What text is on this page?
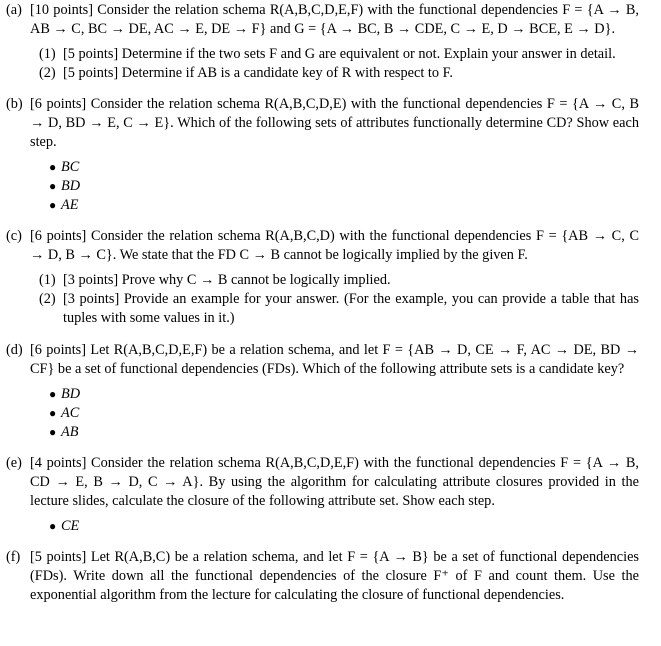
(a) [10 points] Consider the relation schema R(A,B,C,D,E,F) with the functional dependencies F = {A → B, AB → C, BC → DE, AC → E, DE → F} and G = {A → BC, B → CDE, C → E, D → BCE, E → D}.

(1) [5 points] Determine if the two sets F and G are equivalent or not. Explain your answer in detail.
(2) [5 points] Determine if AB is a candidate key of R with respect to F.
(b) [6 points] Consider the relation schema R(A,B,C,D,E) with the functional dependencies F = {A → C, B → D, BD → E, C → E}. Which of the following sets of attributes functionally determine CD? Show each step.

● BC
● BD
● AE
(c) [6 points] Consider the relation schema R(A,B,C,D) with the functional dependencies F = {AB → C, C → D, B → C}. We state that the FD C → B cannot be logically implied by the given F.

(1) [3 points] Prove why C → B cannot be logically implied.
(2) [3 points] Provide an example for your answer. (For the example, you can provide a table that has tuples with some values in it.)
(d) [6 points] Let R(A,B,C,D,E,F) be a relation schema, and let F = {AB → D, CE → F, AC → DE, BD → CF} be a set of functional dependencies (FDs). Which of the following attribute sets is a candidate key?

● BD
● AC
● AB
(e) [4 points] Consider the relation schema R(A,B,C,D,E,F) with the functional dependencies F = {A → B, CD → E, B → D, C → A}. By using the algorithm for calculating attribute closures provided in the lecture slides, calculate the closure of the following attribute set. Show each step.

● CE
(f) [5 points] Let R(A,B,C) be a relation schema, and let F = {A → B} be a set of functional dependencies (FDs). Write down all the functional dependencies of the closure F⁺ of F and count them. Use the exponential algorithm from the lecture for calculating the closure of functional dependencies.
